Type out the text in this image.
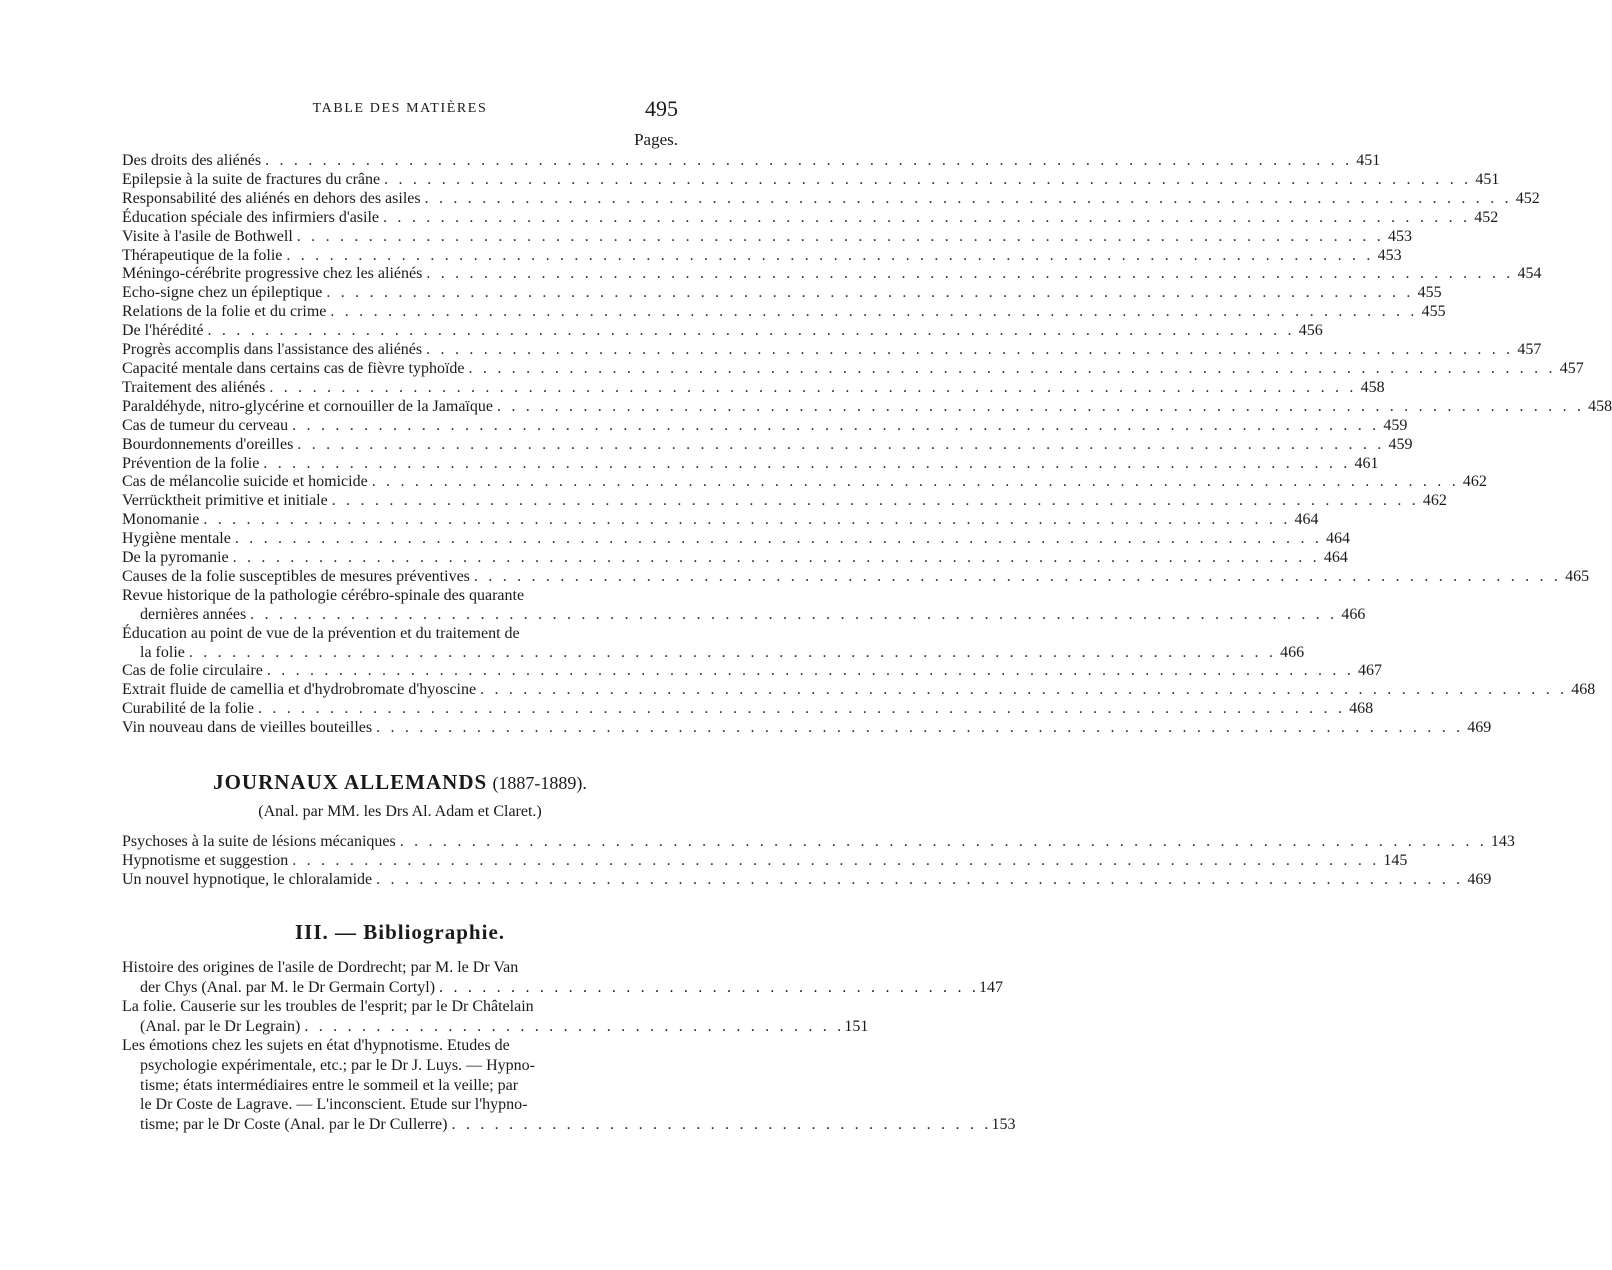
TABLE DES MATIÈRES	495
Pages.
Des droits des aliénés . . .	451
Epilepsie à la suite de fractures du crâne . . .	451
Responsabilité des aliénés en dehors des asiles . . .	452
Éducation spéciale des infirmiers d'asile . . .	452
Visite à l'asile de Bothwell . . .	453
Thérapeutique de la folie . . .	453
Méningo-cérébrite progressive chez les aliénés . . .	454
Echo-signe chez un épileptique . . .	455
Relations de la folie et du crime . . .	455
De l'hérédité . . .	456
Progrès accomplis dans l'assistance des aliénés . . .	457
Capacité mentale dans certains cas de fièvre typhoïde . . .	457
Traitement des aliénés . . .	458
Paraldéhyde, nitro-glycérine et cornouiller de la Jamaïque . . .	458
Cas de tumeur du cerveau . . .	459
Bourdonnements d'oreilles . . .	459
Prévention de la folie . . .	461
Cas de mélancolie suicide et homicide . . .	462
Verrücktheit primitive et initiale . . .	462
Monomanie . . .	464
Hygiène mentale . . .	464
De la pyromanie . . .	464
Causes de la folie susceptibles de mesures préventives . . .	465
Revue historique de la pathologie cérébro-spinale des quarante
dernières années . . .	466
Éducation au point de vue de la prévention et du traitement de
la folie . . .	466
Cas de folie circulaire . . .	467
Extrait fluide de camellia et d'hydrobromate d'hyoscine . . .	468
Curabilité de la folie . . .	468
Vin nouveau dans de vieilles bouteilles . . .	469
JOURNAUX ALLEMANDS (1887-1889).
(Anal. par MM. les Drs Al. Adam et Claret.)
Psychoses à la suite de lésions mécaniques . . .	143
Hypnotisme et suggestion . . .	145
Un nouvel hypnotique, le chloralamide . . .	469
III. — Bibliographie.
Histoire des origines de l'asile de Dordrecht; par M. le Dr Van
der Chys (Anal. par M. le Dr Germain Cortyl) . . .	147
La folie. Causerie sur les troubles de l'esprit; par le Dr Châtelain
(Anal. par le Dr Legrain) . . .	151
Les émotions chez les sujets en état d'hypnotisme. Etudes de
psychologie expérimentale, etc.; par le Dr J. Luys. — Hypno-
tisme; états intermédiaires entre le sommeil et la veille; par
le Dr Coste de Lagrave. — L'inconscient. Etude sur l'hypno-
tisme; par le Dr Coste (Anal. par le Dr Cullerre) . . .	153
